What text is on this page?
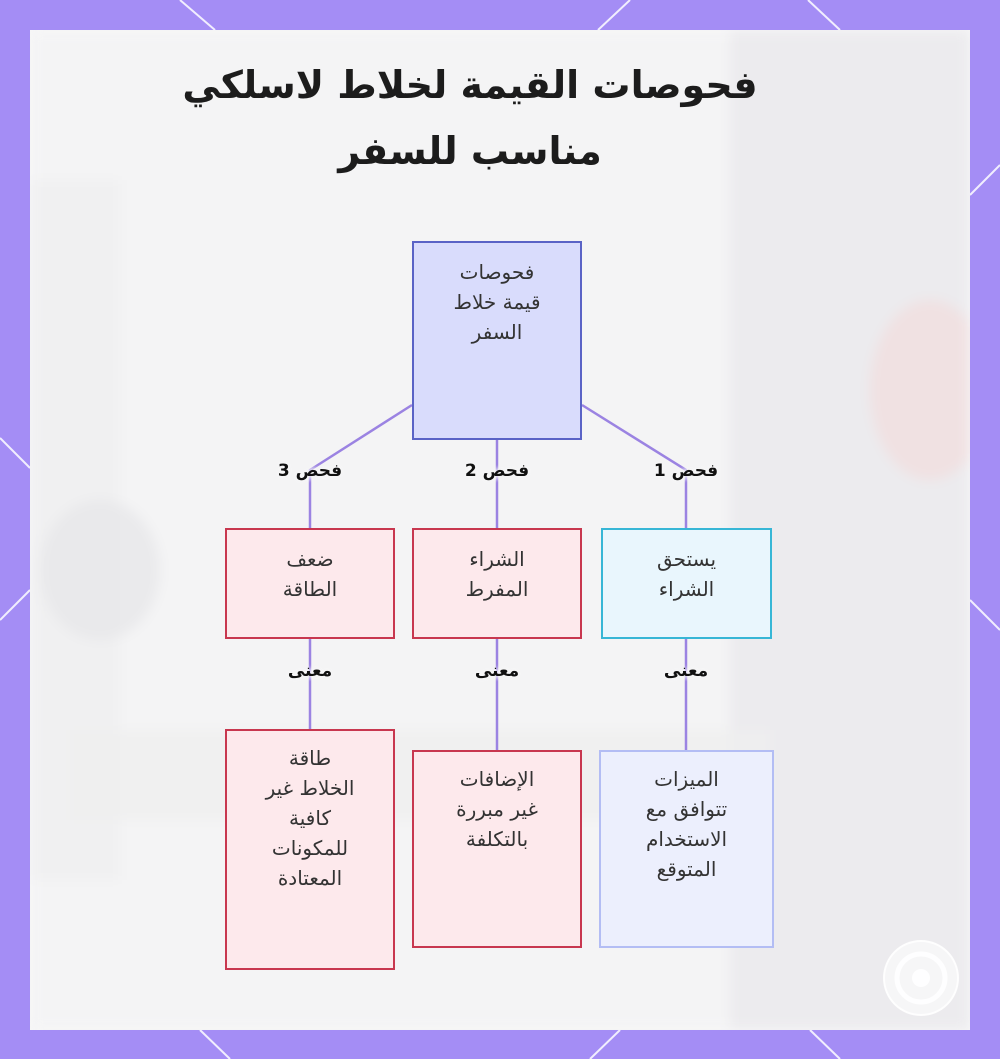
فحوصات القيمة لخلاط لاسلكي مناسب للسفر
فحص 1
فحص 2
فحص 3
معنى
معنى
معنى
فحوصات
قيمة خلاط
السفر
يستحق
الشراء
الشراء
المفرط
ضعف
الطاقة
الميزات
تتوافق مع
الاستخدام
المتوقع
الإضافات
غير مبررة
بالتكلفة
طاقة
الخلاط غير
كافية
للمكونات
المعتادة
